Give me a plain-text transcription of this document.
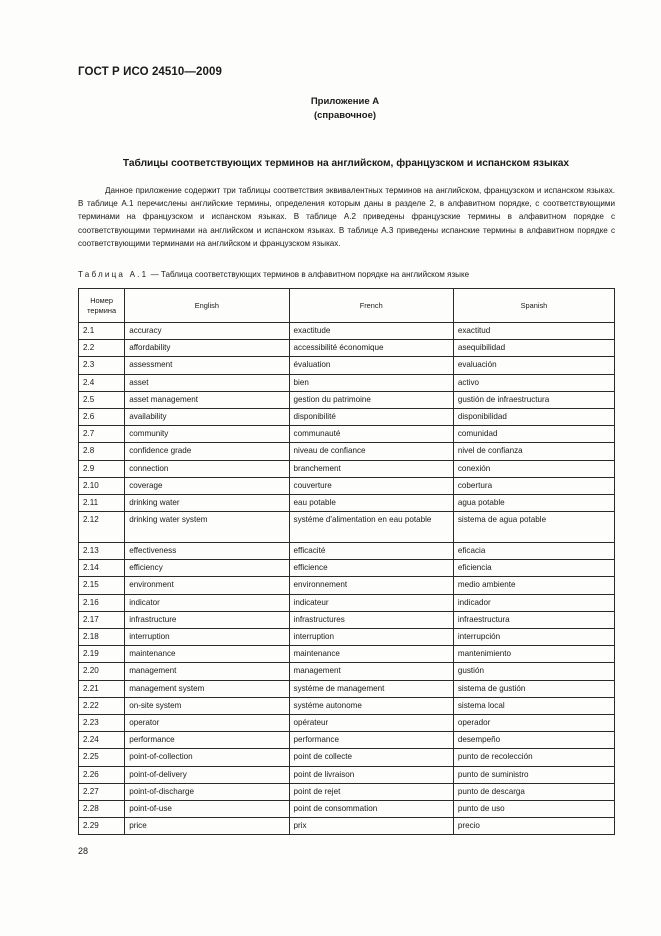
ГОСТ Р ИСО 24510—2009
Приложение А
(справочное)
Таблицы соответствующих терминов на английском, французском и испанском языках

Данное приложение содержит три таблицы соответствия эквивалентных терминов на английском, французском и испанском языках. В таблице А.1 перечислены английские термины, определения которым даны в разделе 2, в алфавитном порядке, с соответствующими терминами на французском и испанском языках. В таблице А.2 приведены французские термины в алфавитном порядке с соответствующими терминами на английском и испанском языках. В таблице А.3 приведены испанские термины в алфавитном порядке с соответствующими терминами на английском и французском языках.

Таблица А.1 — Таблица соответствующих терминов в алфавитном порядке на английском языке
Номер
термина	English	French	Spanish
2.1	accuracy	exactitude	exactitud
2.2	affordability	accessibilité économique	asequibilidad
2.3	assessment	évaluation	evaluación
2.4	asset	bien	activo
2.5	asset management	gestion du patrimoine	gustión de infraestructura
2.6	availability	disponibilité	disponibilidad
2.7	community	communauté	comunidad
2.8	confidence grade	niveau de confiance	nivel de confianza
2.9	connection	branchement	conexión
2.10	coverage	couverture	cobertura
2.11	drinking water	eau potable	agua potable
2.12	drinking water system	systéme d'alimentation en eau potable	sistema de agua potable
2.13	effectiveness	efficacité	eficacia
2.14	efficiency	efficience	eficiencia
2.15	environment	environnement	medio ambiente
2.16	indicator	indicateur	indicador
2.17	infrastructure	infrastructures	infraestructura
2.18	interruption	interruption	interrupción
2.19	maintenance	maintenance	mantenimiento
2.20	management	management	gustión
2.21	management system	systéme de management	sistema de gustión
2.22	on-site system	systéme autonome	sistema local
2.23	operator	opérateur	operador
2.24	performance	performance	desempeño
2.25	point-of-collection	point de collecte	punto de recolección
2.26	point-of-delivery	point de livraison	punto de suministro
2.27	point-of-discharge	point de rejet	punto de descarga
2.28	point-of-use	point de consommation	punto de uso
2.29	price	prix	precio
28
